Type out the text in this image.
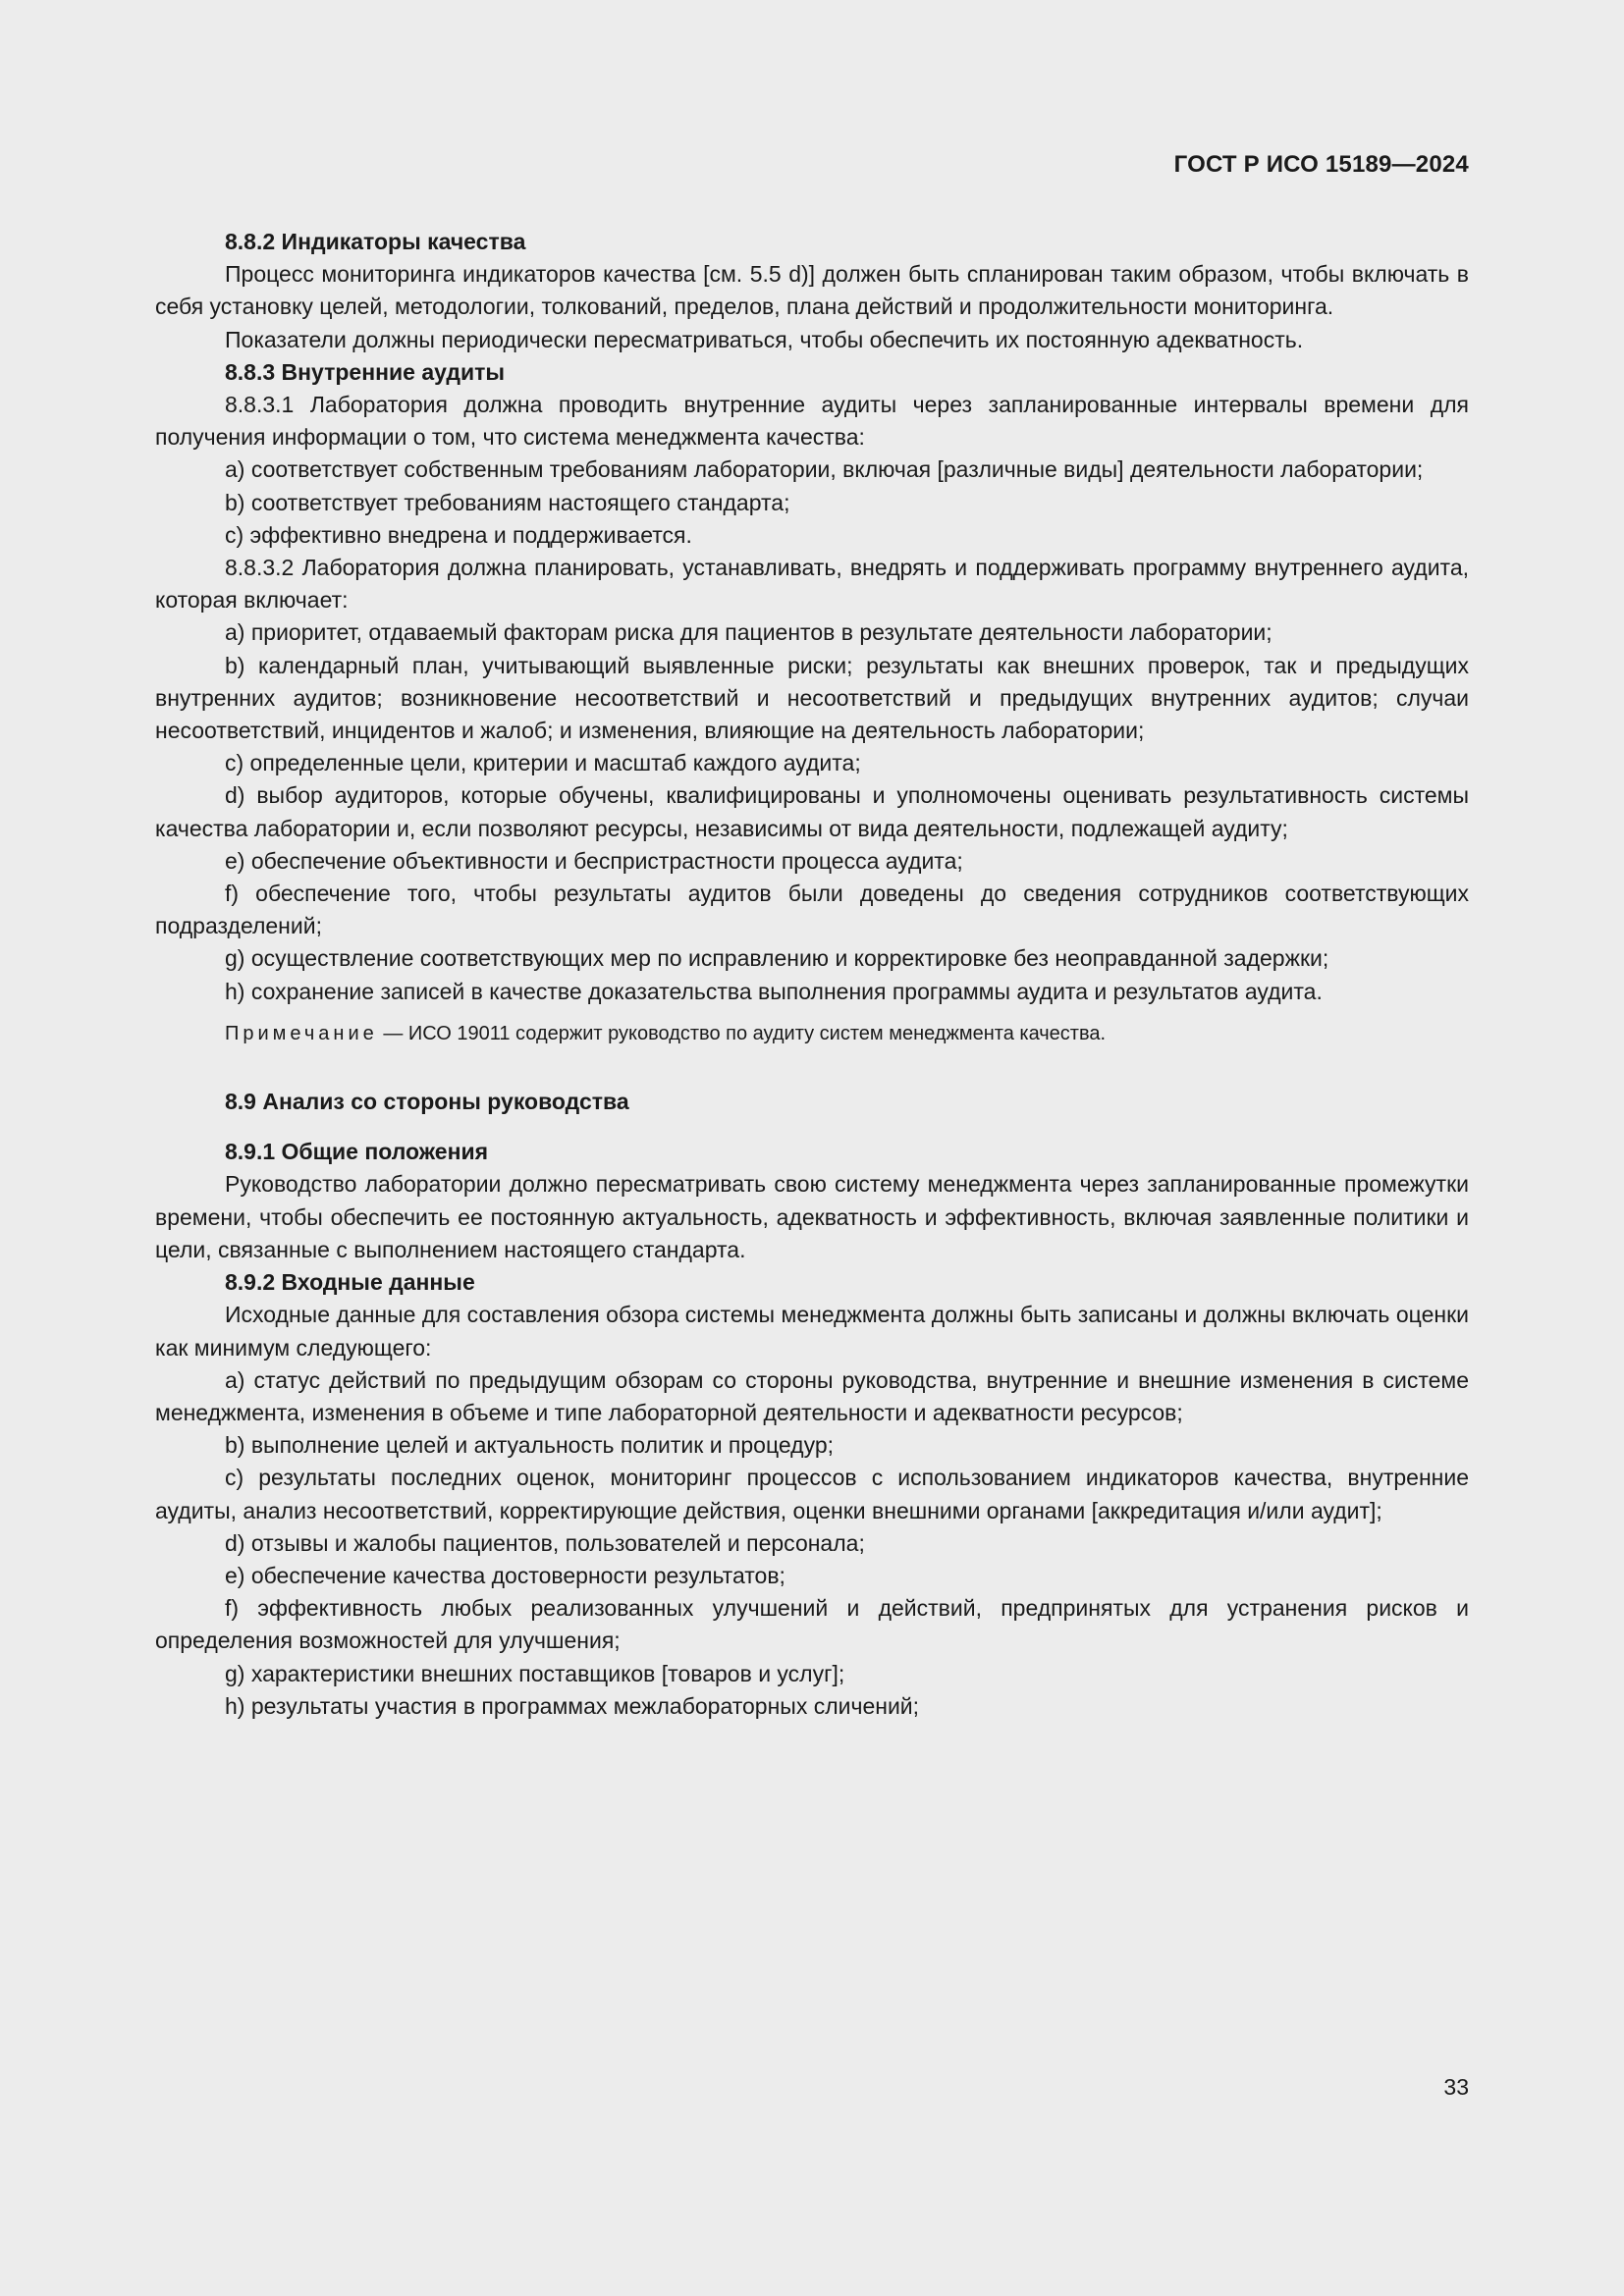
ГОСТ Р ИСО 15189—2024

8.8.2 Индикаторы качества

Процесс мониторинга индикаторов качества [см. 5.5 d)] должен быть спланирован таким образом, чтобы включать в себя установку целей, методологии, толкований, пределов, плана действий и продолжительности мониторинга.

Показатели должны периодически пересматриваться, чтобы обеспечить их постоянную адекватность.

8.8.3 Внутренние аудиты

8.8.3.1 Лаборатория должна проводить внутренние аудиты через запланированные интервалы времени для получения информации о том, что система менеджмента качества:

a) соответствует собственным требованиям лаборатории, включая [различные виды] деятельности лаборатории;

b) соответствует требованиям настоящего стандарта;

c) эффективно внедрена и поддерживается.

8.8.3.2 Лаборатория должна планировать, устанавливать, внедрять и поддерживать программу внутреннего аудита, которая включает:

a) приоритет, отдаваемый факторам риска для пациентов в результате деятельности лаборатории;

b) календарный план, учитывающий выявленные риски; результаты как внешних проверок, так и предыдущих внутренних аудитов; возникновение несоответствий и несоответствий и предыдущих внутренних аудитов; случаи несоответствий, инцидентов и жалоб; и изменения, влияющие на деятельность лаборатории;

c) определенные цели, критерии и масштаб каждого аудита;

d) выбор аудиторов, которые обучены, квалифицированы и уполномочены оценивать результативность системы качества лаборатории и, если позволяют ресурсы, независимы от вида деятельности, подлежащей аудиту;

e) обеспечение объективности и беспристрастности процесса аудита;

f) обеспечение того, чтобы результаты аудитов были доведены до сведения сотрудников соответствующих подразделений;

g) осуществление соответствующих мер по исправлению и корректировке без неоправданной задержки;

h) сохранение записей в качестве доказательства выполнения программы аудита и результатов аудита.

Примечание — ИСО 19011 содержит руководство по аудиту систем менеджмента качества.

8.9 Анализ со стороны руководства

8.9.1 Общие положения

Руководство лаборатории должно пересматривать свою систему менеджмента через запланированные промежутки времени, чтобы обеспечить ее постоянную актуальность, адекватность и эффективность, включая заявленные политики и цели, связанные с выполнением настоящего стандарта.

8.9.2 Входные данные

Исходные данные для составления обзора системы менеджмента должны быть записаны и должны включать оценки как минимум следующего:

a) статус действий по предыдущим обзорам со стороны руководства, внутренние и внешние изменения в системе менеджмента, изменения в объеме и типе лабораторной деятельности и адекватности ресурсов;

b) выполнение целей и актуальность политик и процедур;

c) результаты последних оценок, мониторинг процессов с использованием индикаторов качества, внутренние аудиты, анализ несоответствий, корректирующие действия, оценки внешними органами [аккредитация и/или аудит];

d) отзывы и жалобы пациентов, пользователей и персонала;

e) обеспечение качества достоверности результатов;

f) эффективность любых реализованных улучшений и действий, предпринятых для устранения рисков и определения возможностей для улучшения;

g) характеристики внешних поставщиков [товаров и услуг];

h) результаты участия в программах межлабораторных сличений;

33
